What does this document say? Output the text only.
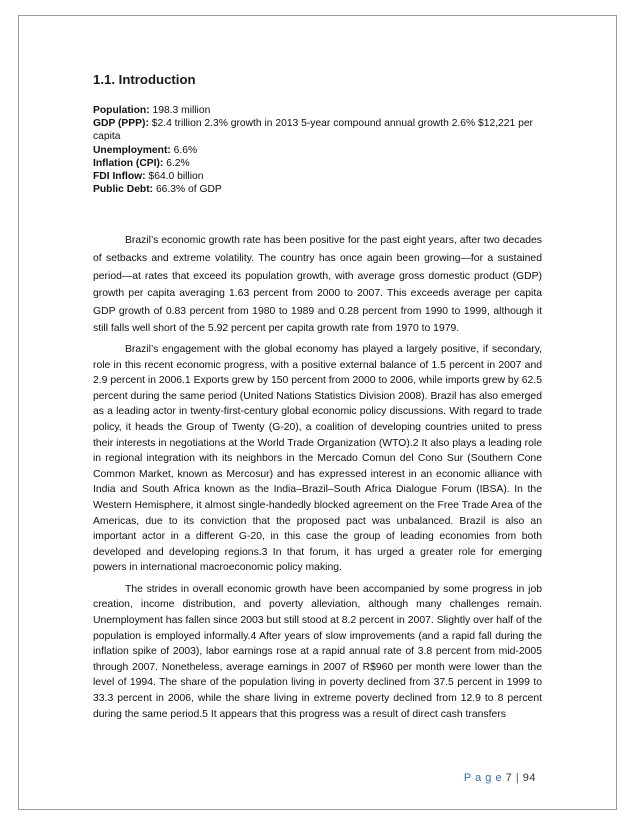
1.1. Introduction
Population: 198.3 million
GDP (PPP): $2.4 trillion 2.3% growth in 2013 5-year compound annual growth 2.6% $12,221 per capita
Unemployment: 6.6%
Inflation (CPI): 6.2%
FDI Inflow: $64.0 billion
Public Debt: 66.3% of GDP

Brazil’s economic growth rate has been positive for the past eight years, after two decades of setbacks and extreme volatility. The country has once again been growing—for a sustained period—at rates that exceed its population growth, with average gross domestic product (GDP) growth per capita averaging 1.63 percent from 2000 to 2007. This exceeds average per capita GDP growth of 0.83 percent from 1980 to 1989 and 0.28 percent from 1990 to 1999, although it still falls well short of the 5.92 percent per capita growth rate from 1970 to 1979.

Brazil’s engagement with the global economy has played a largely positive, if secondary, role in this recent economic progress, with a positive external balance of 1.5 percent in 2007 and 2.9 percent in 2006.1 Exports grew by 150 percent from 2000 to 2006, while imports grew by 62.5 percent during the same period (United Nations Statistics Division 2008). Brazil has also emerged as a leading actor in twenty-first-century global economic policy discussions. With regard to trade policy, it heads the Group of Twenty (G-20), a coalition of developing countries united to press their interests in negotiations at the World Trade Organization (WTO).2 It also plays a leading role in regional integration with its neighbors in the Mercado Comun del Cono Sur (Southern Cone Common Market, known as Mercosur) and has expressed interest in an economic alliance with India and South Africa known as the India–Brazil–South Africa Dialogue Forum (IBSA). In the Western Hemisphere, it almost single-handedly blocked agreement on the Free Trade Area of the Americas, due to its conviction that the proposed pact was unbalanced. Brazil is also an important actor in a different G-20, in this case the group of leading economies from both developed and developing regions.3 In that forum, it has urged a greater role for emerging powers in international macroeconomic policy making.

The strides in overall economic growth have been accompanied by some progress in job creation, income distribution, and poverty alleviation, although many challenges remain. Unemployment has fallen since 2003 but still stood at 8.2 percent in 2007. Slightly over half of the population is employed informally.4 After years of slow improvements (and a rapid fall during the inflation spike of 2003), labor earnings rose at a rapid annual rate of 3.8 percent from mid-2005 through 2007. Nonetheless, average earnings in 2007 of R$960 per month were lower than the level of 1994. The share of the population living in poverty declined from 37.5 percent in 1999 to 33.3 percent in 2006, while the share living in extreme poverty declined from 12.9 to 8 percent during the same period.5 It appears that this progress was a result of direct cash transfers

P a g e 7 | 94
